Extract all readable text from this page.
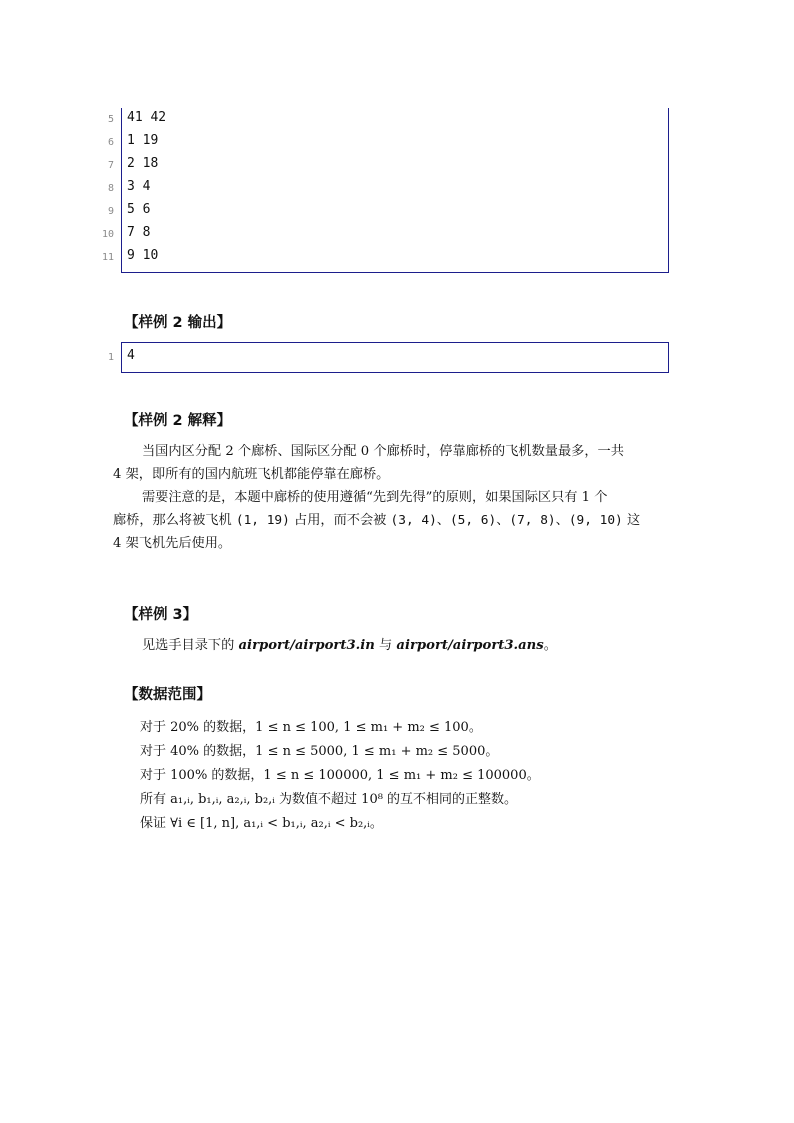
5 41 42
6 1 19
7 2 18
8 3 4
9 5 6
10 7 8
11 9 10
【样例 2 输出】
1 4
【样例 2 解释】
当国内区分配 2 个廊桥、国际区分配 0 个廊桥时，停靠廊桥的飞机数量最多，一共
4 架，即所有的国内航班飞机都能停靠在廊桥。
需要注意的是，本题中廊桥的使用遵循“先到先得”的原则，如果国际区只有 1 个
廊桥，那么将被飞机 (1, 19) 占用，而不会被 (3, 4)、(5, 6)、(7, 8)、(9, 10) 这
4 架飞机先后使用。
【样例 3】
见选手目录下的 airport/airport3.in 与 airport/airport3.ans。
【数据范围】
对于 20% 的数据，1 ≤ n ≤ 100, 1 ≤ m₁ + m₂ ≤ 100。
对于 40% 的数据，1 ≤ n ≤ 5000, 1 ≤ m₁ + m₂ ≤ 5000。
对于 100% 的数据，1 ≤ n ≤ 100000, 1 ≤ m₁ + m₂ ≤ 100000。
所有 a₁,ᵢ, b₁,ᵢ, a₂,ᵢ, b₂,ᵢ 为数值不超过 10⁸ 的互不相同的正整数。
保证 ∀i ∈ [1, n], a₁,ᵢ < b₁,ᵢ, a₂,ᵢ < b₂,ᵢ。
